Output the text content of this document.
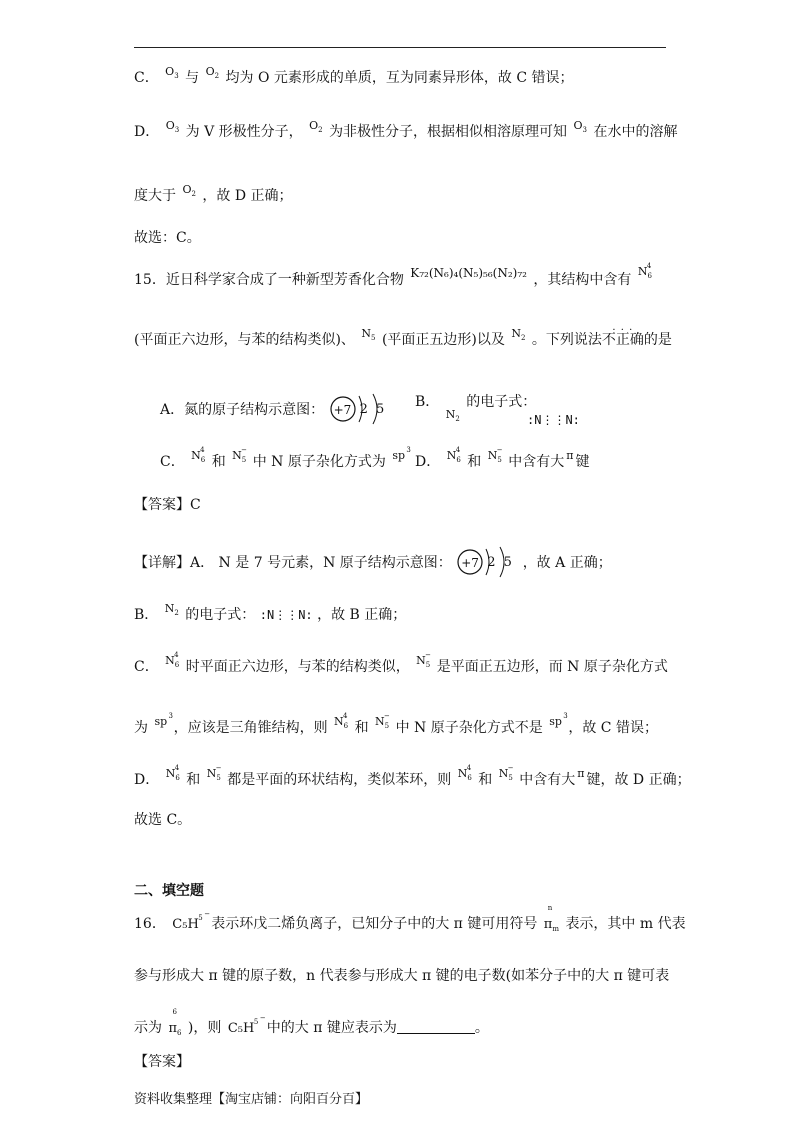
C． $O_3$ 与 $O_2$ 均为 O 元素形成的单质，互为同素异形体，故 C 错误；
D． $O_3$ 为 V 形极性分子， $O_2$ 为非极性分子，根据相似相溶原理可知 $O_3$ 在水中的溶解
度大于 $O_2$ ，故 D 正确；
故选：C。
15．近日科学家合成了一种新型芳香化合物 K₇₂(N₆)₄(N₅)₅₆(N₂)₇₂ ，其结构中含有 $N_6$
4
(平面正六边形，与苯的结构类似)、 $N_5$ (平面正五边形)以及 $N_2$ 。下列说法· · · 不正确的是
A．氮的原子结构示意图： +7 2 5 B． $N_2$ 的电子式：
:N⋮⋮N:
C． $N_6$
4
和 $N_5$
−
中 N 原子杂化方式为 sp 3
D． $N_6$
4
和 $N_5$
−
中含有大 π 键
【答案】C
【详解】A． N 是 7 号元素，N 原子结构示意图： +7 2 5 ，故 A 正确；
B． $N_2$ 的电子式： :N⋮⋮N: ，故 B 正确；
C． $N_6$
4
时平面正六边形，与苯的结构类似， $N_5$
−
是平面正五边形，而 N 原子杂化方式
为 sp 3
，应该是三角锥结构，则 $N_6$
4
和 $N_5$
−
中 N 原子杂化方式不是 sp 3
，故 C 错误；
D． $N_6$
4
和 $N_5$
−
都是平面的环状结构，类似苯环，则 $N_6$
4
和 $N_5$
−
中含有大 π 键，故 D 正确；
故选 C。
二、填空题
16． C₅H 5 −
表示环戊二烯负离子，已知分子中的大 π 键可用符号 $\pi_m$
n
表示，其中 m 代表
参与形成大 π 键的原子数，n 代表参与形成大 π 键的电子数(如苯分子中的大 π 键可表
示为 $\pi_6$
6
)，则 C₅H 5 −
中的大 π 键应表示为	。
【答案】
资料收集整理【淘宝店铺：向阳百分百】
